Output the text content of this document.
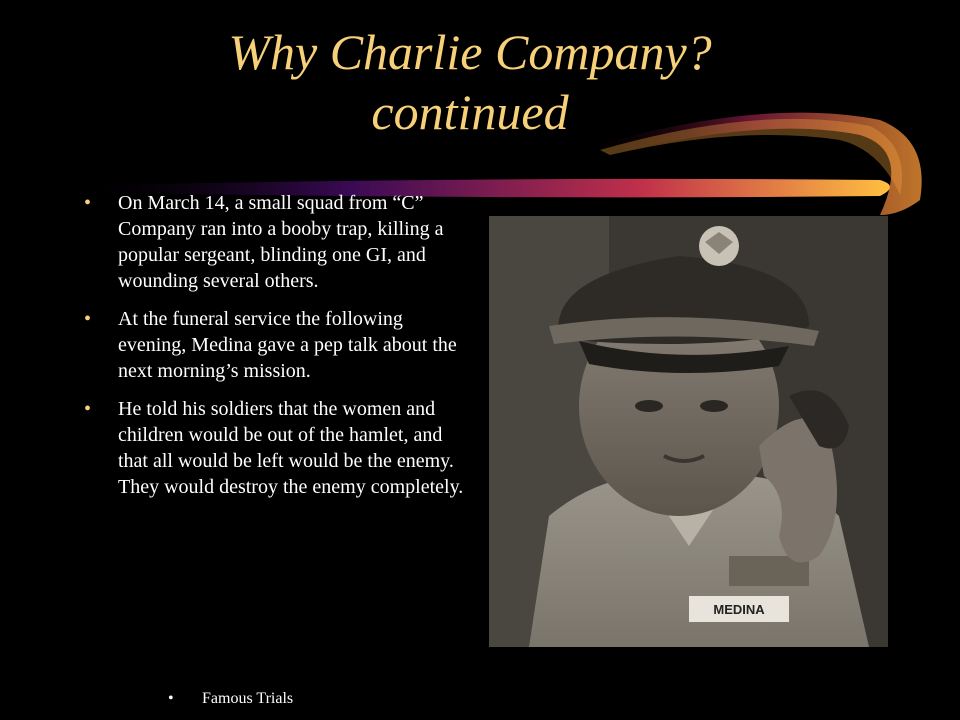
Why Charlie Company?
continued
• On March 14, a small squad from “C” Company ran into a booby trap, killing a popular sergeant, blinding one GI, and wounding several others.
• At the funeral service the following evening, Medina gave a pep talk about the next morning’s mission.
• He told his soldiers that the women and children would be out of the hamlet, and that all would be left would be the enemy. They would destroy the enemy completely.
MEDINA
• Famous Trials
